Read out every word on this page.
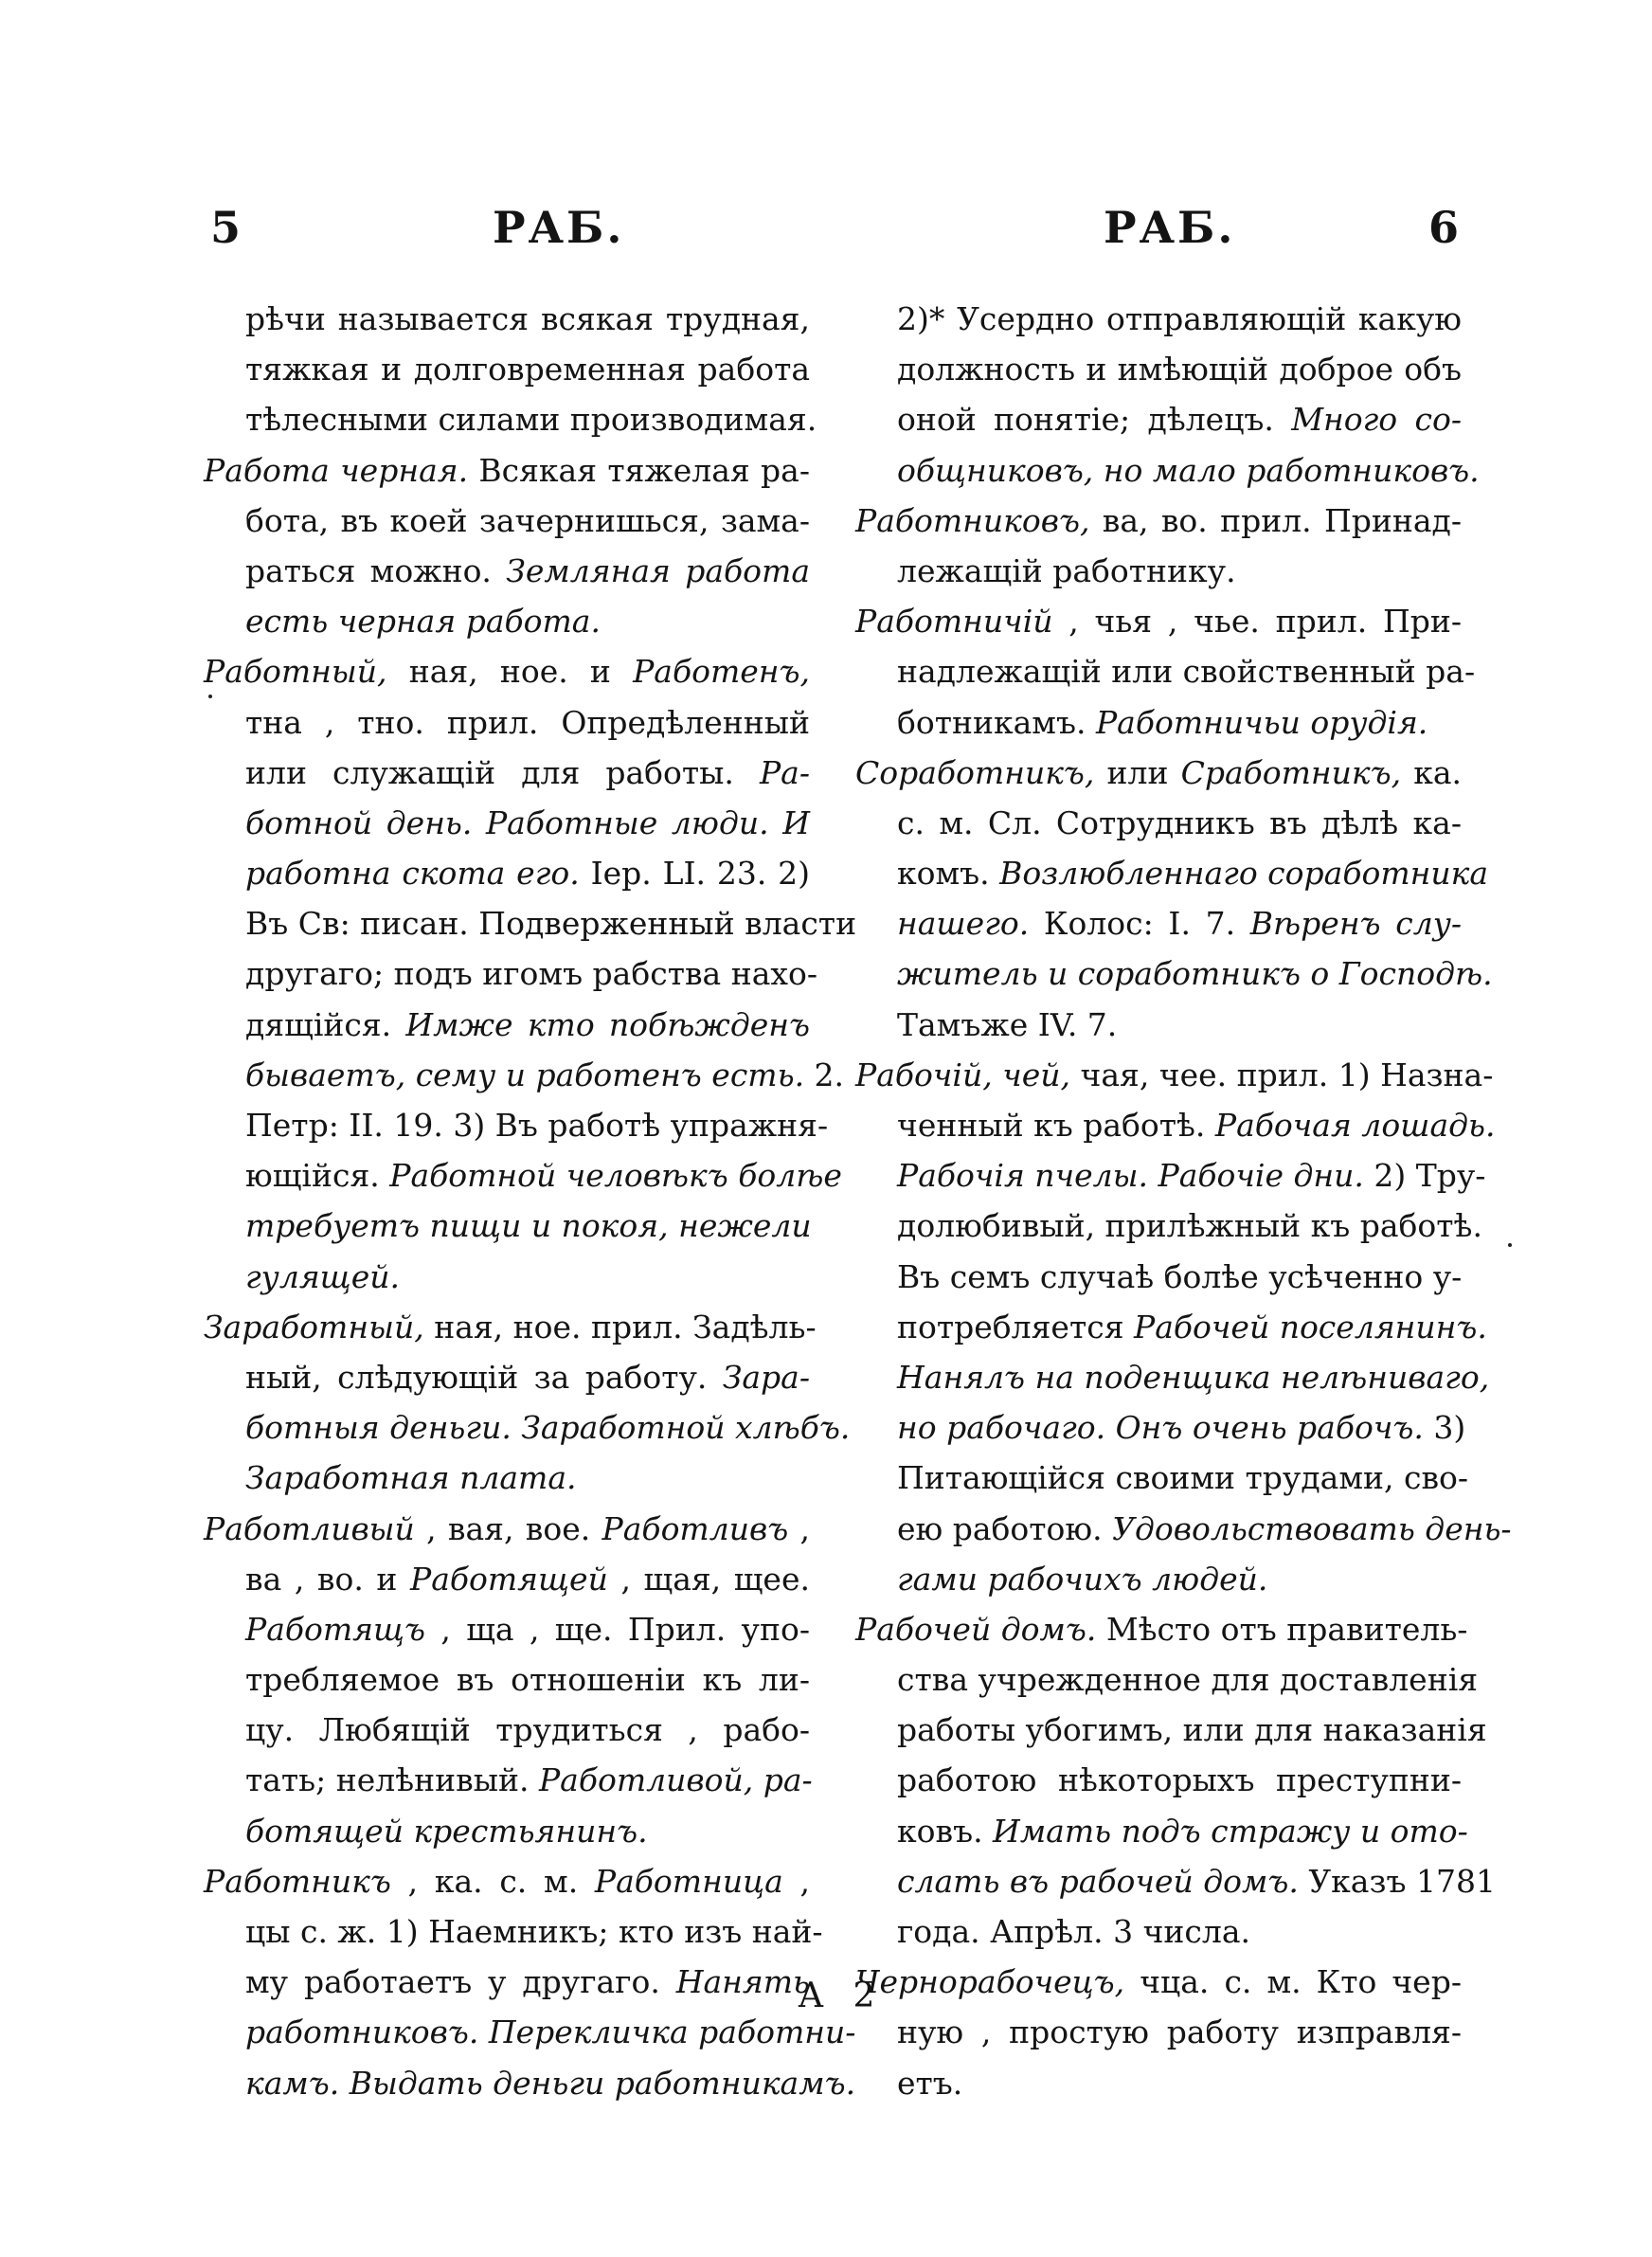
5	РАБ.	РАБ.	6
рѣчи называется всякая трудная,
тяжкая и долговременная работа
тѣлесными силами производимая.
Работа черная. Всякая тяжелая ра-
бота, въ коей зачернишься, зама-
раться можно. Земляная работа
есть черная работа.
Работный, ная, ное. и Работенъ,
тна , тно. прил. Опредѣленный
или служащій для работы. Ра-
ботной день. Работные люди. И
работна скота его. Iер. LI. 23. 2)
Въ Св: писан. Подверженный власти
другаго; подъ игомъ рабства нахо-
дящійся. Имже кто побѣжденъ
бываетъ, сему и работенъ есть. 2.
Петр: II. 19. 3) Въ работѣ упражня-
ющійся. Работной человѣкъ болѣе
требуетъ пищи и покоя, нежели
гулящей.
Заработный, ная, ное. прил. Задѣль-
ный, слѣдующій за работу. Зара-
ботныя деньги. Заработной хлѣбъ.
Заработная плата.
Работливый , вая, вое. Работливъ ,
ва , во. и Работящей , щая, щее.
Работящъ , ща , ще. Прил. упо-
требляемое въ отношеніи къ ли-
цу. Любящій трудиться , рабо-
тать; нелѣнивый. Работливой, ра-
ботящей крестьянинъ.
Работникъ , ка. с. м. Работница ,
цы с. ж. 1) Наемникъ; кто изъ най-
му работаетъ у другаго. Нанять
работниковъ. Перекличка работни-
камъ. Выдать деньги работникамъ.
2)* Усердно отправляющій какую
должность и имѣющій доброе объ
оной понятіе; дѣлецъ. Много со-
общниковъ, но мало работниковъ.
Работниковъ, ва, во. прил. Принад-
лежащій работнику.
Работничій , чья , чье. прил. При-
надлежащій или свойственный ра-
ботникамъ. Работничьи орудія.
Соработникъ, или Сработникъ, ка.
с. м. Сл. Сотрудникъ въ дѣлѣ ка-
комъ. Возлюбленнаго соработника
нашего. Колос: I. 7. Вѣренъ слу-
житель и соработникъ о Господѣ.
Тамъже IV. 7.
Рабочій, чей, чая, чее. прил. 1) Назна-
ченный къ работѣ. Рабочая лошадь.
Рабочія пчелы. Рабочіе дни. 2) Тру-
долюбивый, прилѣжный къ работѣ.
Въ семъ случаѣ болѣе усѣченно у-
потребляется Рабочей поселянинъ.
Нанялъ на поденщика нелѣниваго,
но рабочаго. Онъ очень рабочъ. 3)
Питающійся своими трудами, сво-
ею работою. Удовольствовать день-
гами рабочихъ людей.
Рабочей домъ. Мѣсто отъ правитель-
ства учрежденное для доставленія
работы убогимъ, или для наказанія
работою нѣкоторыхъ преступни-
ковъ. Имать подъ стражу и ото-
слать въ рабочей домъ. Указъ 1781
года. Апрѣл. 3 числа.
Чернорабочецъ, чца. с. м. Кто чер-
ную , простую работу изправля-
етъ.
A 2
